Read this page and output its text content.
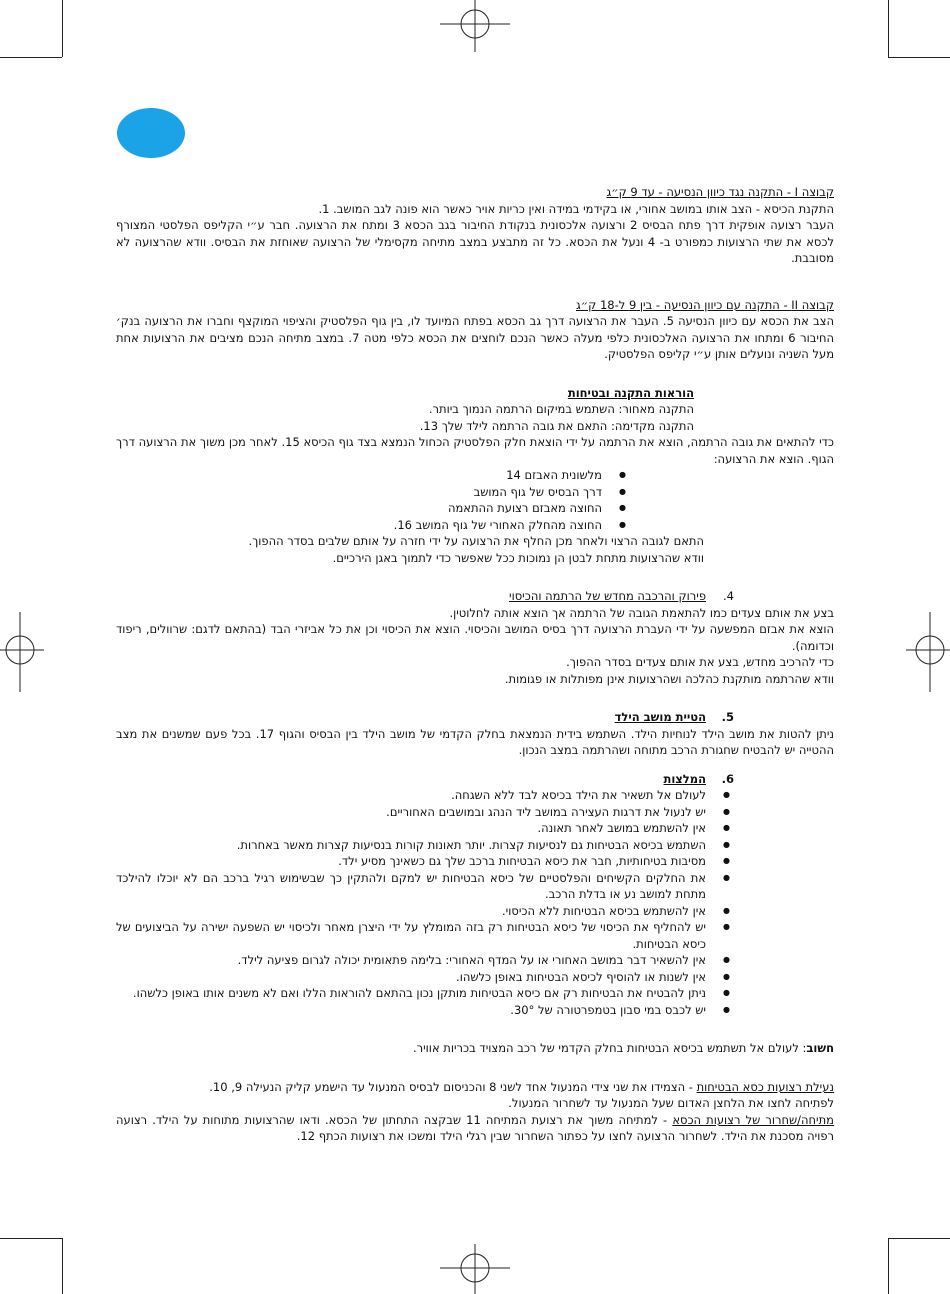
קבוצה I - התקנה נגד כיוון הנסיעה - עד 9 ק״ג

התקנת הכיסא - הצב אותו במושב אחורי, או בקידמי במידה ואין כריות אויר כאשר הוא פונה לגב המושב. 1.

העבר רצועה אופקית דרך פתח הבסיס 2 ורצועה אלכסונית בנקודת החיבור בגב הכסא 3 ומתח את הרצועה. חבר ע״י הקליפס הפלסטי המצורף לכסא את שתי הרצועות כמפורט ב- 4 ונעל את הכסא. כל זה מתבצע במצב מתיחה מקסימלי של הרצועה שאוחזת את הבסיס. וודא שהרצועה לא מסובבת.

קבוצה II - התקנה עם כיוון הנסיעה - בין 9 ל-18 ק״ג

הצב את הכסא עם כיוון הנסיעה 5. העבר את הרצועה דרך גב הכסא בפתח המיועד לו, בין גוף הפלסטיק והציפוי המוקצף וחברו את הרצועה בנק׳ החיבור 6 ומתחו את הרצועה האלכסונית כלפי מעלה כאשר הנכם לוחצים את הכסא כלפי מטה 7. במצב מתיחה הנכם מציבים את הרצועות אחת מעל השניה ונועלים אותן ע״י קליפס הפלסטיק.

הוראות התקנה ובטיחות

התקנה מאחור: השתמש במיקום הרתמה הנמוך ביותר.

התקנה מקדימה: התאם את גובה הרתמה לילד שלך 13.

כדי להתאים את גובה הרתמה, הוצא את הרתמה על ידי הוצאת חלק הפלסטיק הכחול הנמצא בצד גוף הכיסא 15. לאחר מכן משוך את הרצועה דרך הגוף. הוצא את הרצועה:

● מלשונית האבזם 14
● דרך הבסיס של גוף המושב
● החוצה מאבזם רצועת ההתאמה
● החוצה מהחלק האחורי של גוף המושב 16.

התאם לגובה הרצוי ולאחר מכן החלף את הרצועה על ידי חזרה על אותם שלבים בסדר ההפוך.

וודא שהרצועות מתחת לבטן הן נמוכות ככל שאפשר כדי לתמוך באגן הירכיים.

4.פירוק והרכבה מחדש של הרתמה והכיסוי

בצע את אותם צעדים כמו להתאמת הגובה של הרתמה אך הוצא אותה לחלוטין.

הוצא את אבזם המפשעה על ידי העברת הרצועה דרך בסיס המושב והכיסוי. הוצא את הכיסוי וכן את כל אביזרי הבד (בהתאם לדגם: שרוולים, ריפוד וכדומה).

כדי להרכיב מחדש, בצע את אותם צעדים בסדר ההפוך.

וודא שהרתמה מותקנת כהלכה ושהרצועות אינן מפותלות או פגומות.

5.הטיית מושב הילד

ניתן להטות את מושב הילד לנוחיות הילד. השתמש בידית הנמצאת בחלק הקדמי של מושב הילד בין הבסיס והגוף 17. בכל פעם שמשנים את מצב ההטייה יש להבטיח שחגורת הרכב מתוחה ושהרתמה במצב הנכון.

6.המלצות

● לעולם אל תשאיר את הילד בכיסא לבד ללא השגחה.
● יש לנעול את דרגות העצירה במושב ליד הנהג ובמושבים האחוריים.
● אין להשתמש במושב לאחר תאונה.
● השתמש בכיסא הבטיחות גם לנסיעות קצרות. יותר תאונות קורות בנסיעות קצרות מאשר באחרות.
● מסיבות בטיחותיות, חבר את כיסא הבטיחות ברכב שלך גם כשאינך מסיע ילד.
● את החלקים הקשיחים והפלסטיים של כיסא הבטיחות יש למקם ולהתקין כך שבשימוש רגיל ברכב הם לא יוכלו להילכד מתחת למושב נע או בדלת הרכב.
● אין להשתמש בכיסא הבטיחות ללא הכיסוי.
● יש להחליף את הכיסוי של כיסא הבטיחות רק בזה המומלץ על ידי היצרן מאחר ולכיסוי יש השפעה ישירה על הביצועים של כיסא הבטיחות.
● אין להשאיר דבר במושב האחורי או על המדף האחורי: בלימה פתאומית יכולה לגרום פציעה לילד.
● אין לשנות או להוסיף לכיסא הבטיחות באופן כלשהו.
● ניתן להבטיח את הבטיחות רק אם כיסא הבטיחות מותקן נכון בהתאם להוראות הללו ואם לא משנים אותו באופן כלשהו.
● יש לכבס במי סבון בטמפרטורה של 30°.

חשוב: לעולם אל תשתמש בכיסא הבטיחות בחלק הקדמי של רכב המצויד בכריות אוויר.

נעילת רצועות כסא הבטיחות - הצמידו את שני צידי המנעול אחד לשני 8 והכניסום לבסיס המנעול עד הישמע קליק הנעילה 9, 10.

לפתיחה לחצו את הלחצן האדום שעל המנעול עד לשחרור המנעול.

מתיחה/שחרור של רצועות הכסא - למתיחה משוך את רצועת המתיחה 11 שבקצה התחתון של הכסא. ודאו שהרצועות מתוחות על הילד. רצועה רפויה מסכנת את הילד. לשחרור הרצועה לחצו על כפתור השחרור שבין רגלי הילד ומשכו את רצועות הכתף 12.
